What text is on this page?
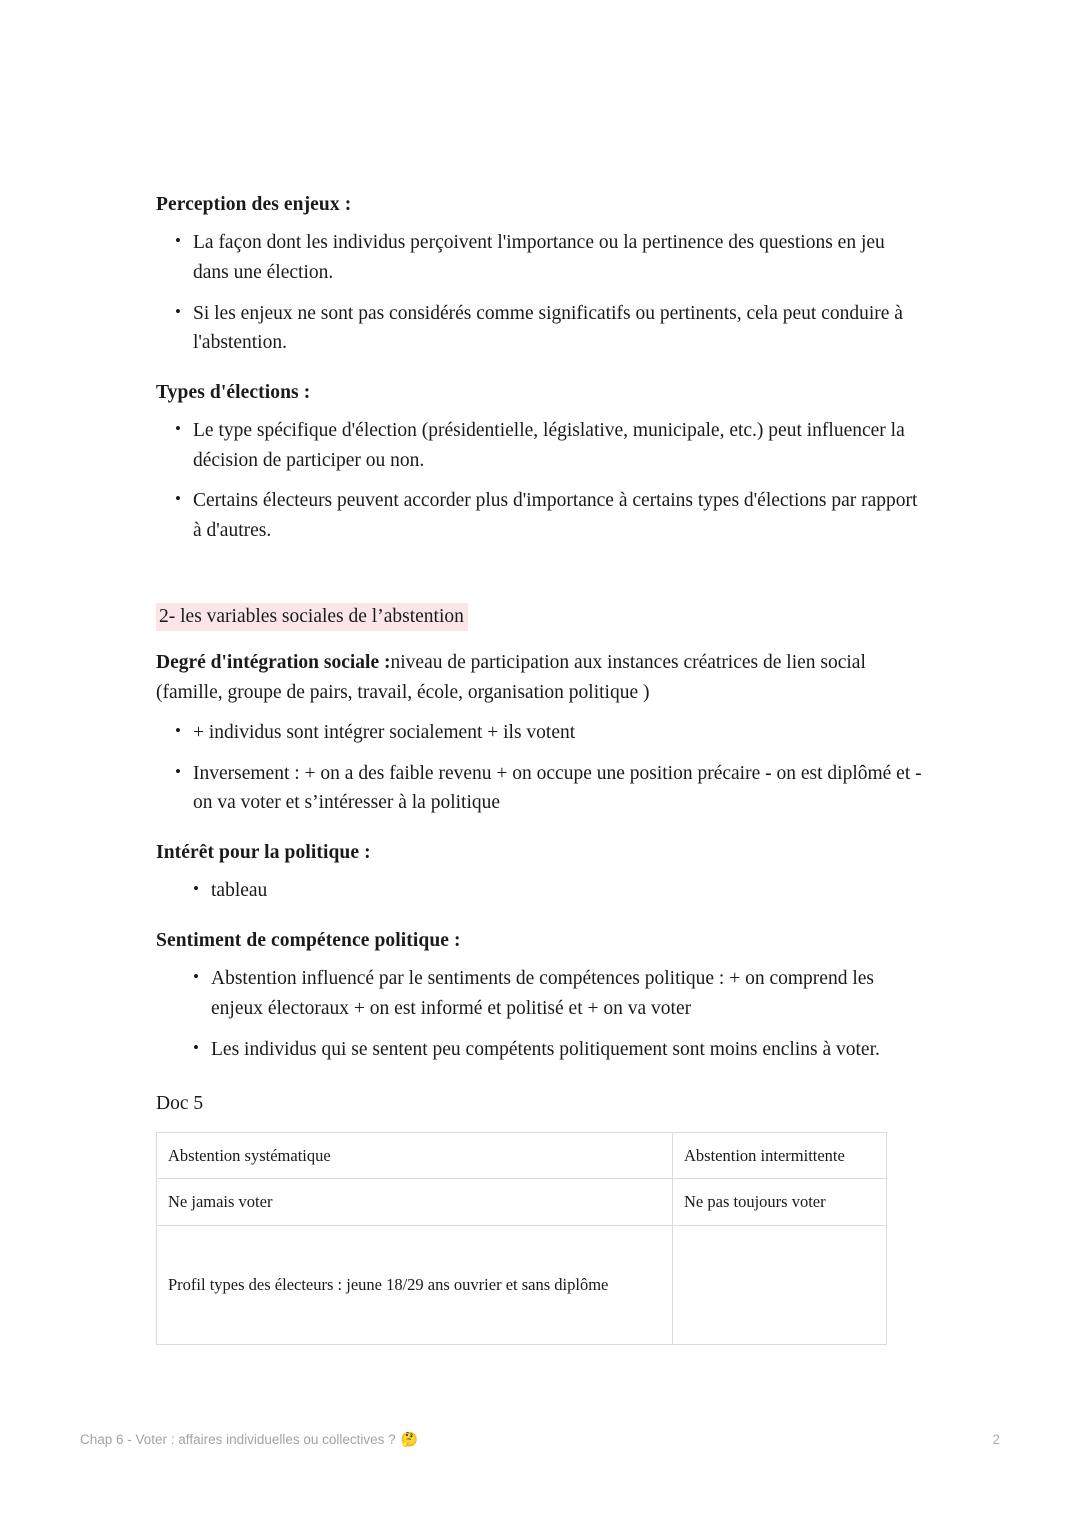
Perception des enjeux :
• La façon dont les individus perçoivent l'importance ou la pertinence des questions en jeu dans une élection.
• Si les enjeux ne sont pas considérés comme significatifs ou pertinents, cela peut conduire à l'abstention.
Types d'élections :
• Le type spécifique d'élection (présidentielle, législative, municipale, etc.) peut influencer la décision de participer ou non.
• Certains électeurs peuvent accorder plus d'importance à certains types d'élections par rapport à d'autres.
2- les variables sociales de l’abstention

Degré d'intégration sociale :niveau de participation aux instances créatrices de lien social (famille, groupe de pairs, travail, école, organisation politique )

• + individus sont intégrer socialement + ils votent
• Inversement : + on a des faible revenu + on occupe une position précaire - on est diplômé et - on va voter et s’intéresser à la politique
Intérêt pour la politique :
• tableau
Sentiment de compétence politique :
• Abstention influencé par le sentiments de compétences politique : + on comprend les enjeux électoraux + on est informé et politisé et + on va voter
• Les individus qui se sentent peu compétents politiquement sont moins enclins à voter.
Doc 5
Abstention systématique	Abstention intermittente
Ne jamais voter	Ne pas toujours voter
Profil types des électeurs : jeune 18/29 ans ouvrier et sans diplôme	
Chap 6 - Voter : affaires individuelles ou collectives ? 🤔	2
